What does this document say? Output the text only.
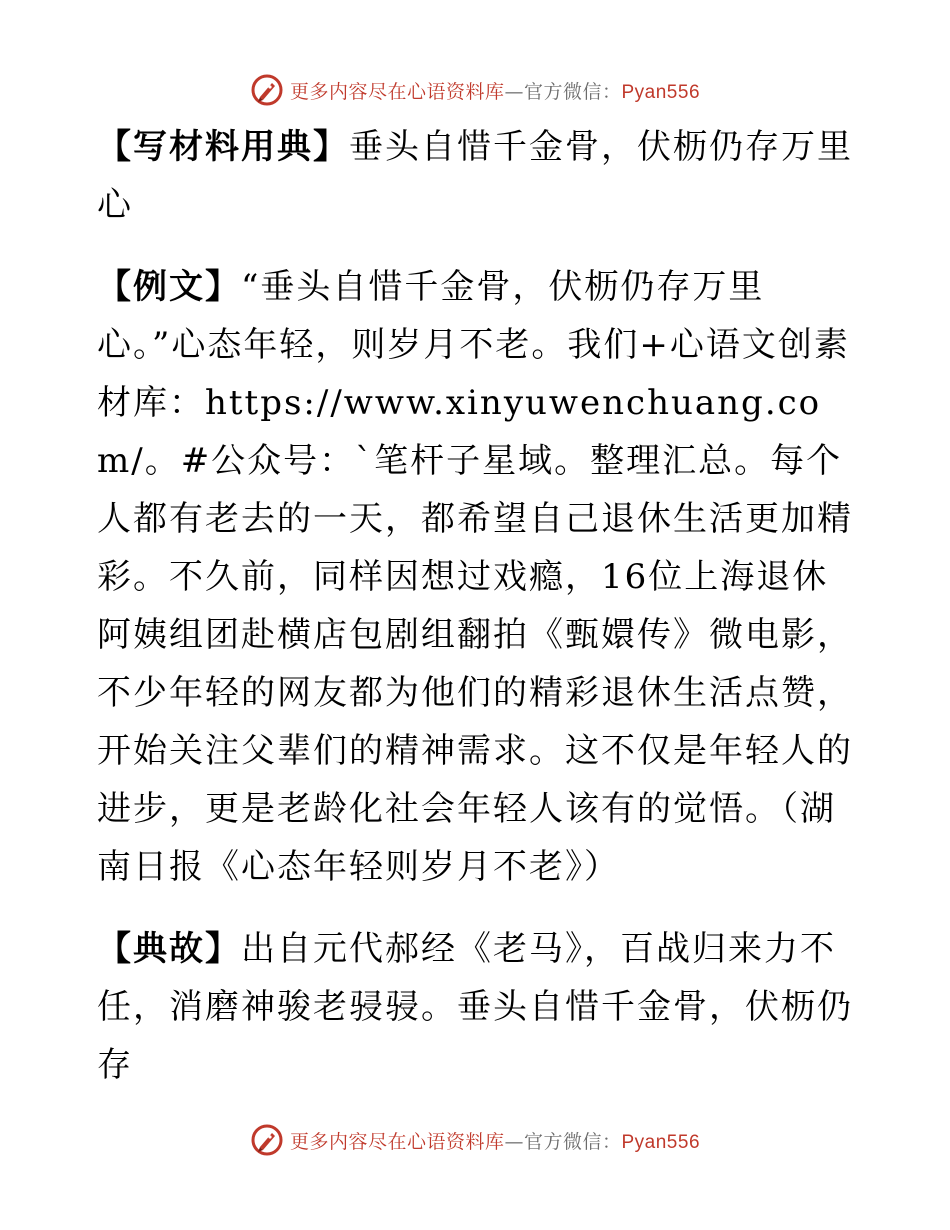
更多内容尽在心语资料库—官方微信：Pyan556

【写材料用典】垂头自惜千金骨，伏枥仍存万里心

【例文】“垂头自惜千金骨，伏枥仍存万里心。”心态年轻，则岁月不老。我们+心语文创素材库：https://www.xinyuwenchuang.com/。#公众号：`笔杆子星域。整理汇总。每个人都有老去的一天，都希望自己退休生活更加精彩。不久前，同样因想过戏瘾，16位上海退休阿姨组团赴横店包剧组翻拍《甄嬛传》微电影，不少年轻的网友都为他们的精彩退休生活点赞，开始关注父辈们的精神需求。这不仅是年轻人的进步，更是老龄化社会年轻人该有的觉悟。（湖南日报《心态年轻则岁月不老》）

【典故】出自元代郝经《老马》，百战归来力不任，消磨神骏老骎骎。垂头自惜千金骨，伏枥仍存

更多内容尽在心语资料库—官方微信：Pyan556
